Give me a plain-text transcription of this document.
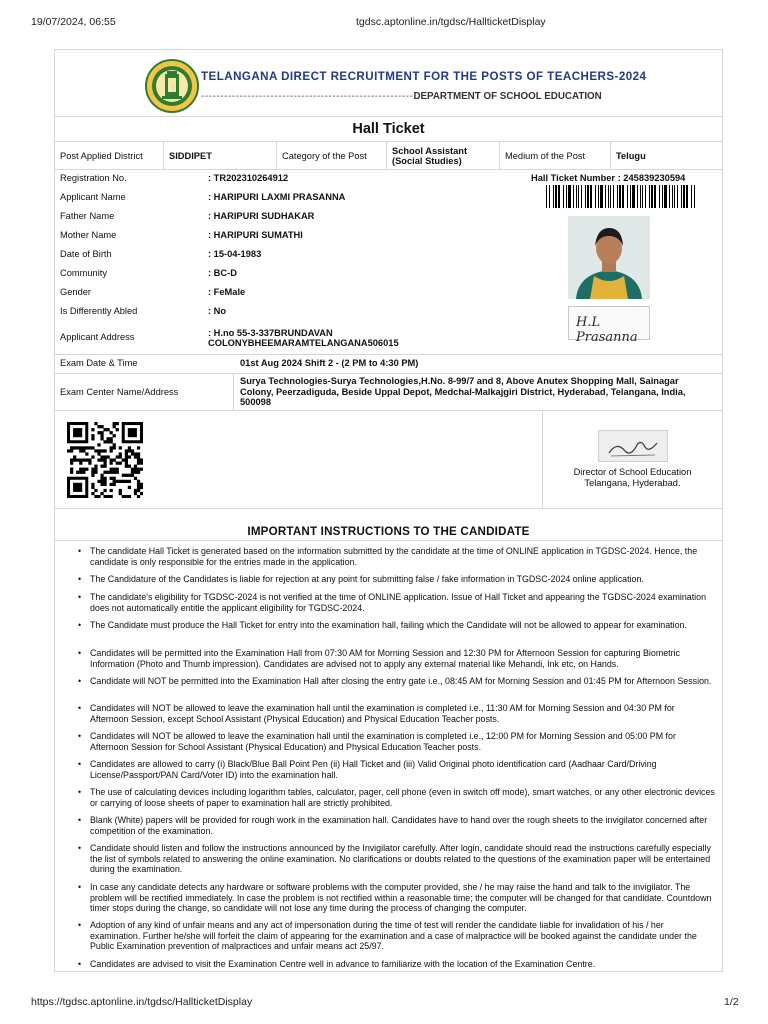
19/07/2024, 06:55	tgdsc.aptonline.in/tgdsc/HallticketDisplay
TELANGANA DIRECT RECRUITMENT FOR THE POSTS OF TEACHERS-2024
-------------------------------------------------------DEPARTMENT OF SCHOOL EDUCATION
Hall Ticket
Post Applied District	SIDDIPET	Category of the Post	School Assistant (Social Studies)	Medium of the Post	Telugu
Registration No.	: TR202310264912
Applicant Name	: HARIPURI LAXMI PRASANNA
Father Name	: HARIPURI SUDHAKAR
Mother Name	: HARIPURI SUMATHI
Date of Birth	: 15-04-1983
Community	: BC-D
Gender	: FeMale
Is Differently Abled	: No
Applicant Address	: H.no 55-3-337BRUNDAVAN COLONYBHEEMARAMTELANGANA506015
Hall Ticket Number : 245839230594
H.L Prasanna
Exam Date & Time	01st Aug 2024 Shift 2 - (2 PM to 4:30 PM)
Exam Center Name/Address
Surya Technologies-Surya Technologies,H.No. 8-99/7 and 8, Above Anutex Shopping Mall, Sainagar Colony, Peerzadiguda, Beside Uppal Depot, Medchal-Malkajgiri District, Hyderabad, Telangana, India, 500098
Director of School Education
Telangana, Hyderabad.
IMPORTANT INSTRUCTIONS TO THE CANDIDATE
• The candidate Hall Ticket is generated based on the information submitted by the candidate at the time of ONLINE application in TGDSC-2024. Hence, the candidate is only responsible for the entries made in the application.
• The Candidature of the Candidates is liable for rejection at any point for submitting false / fake information in TGDSC-2024 online application.
• The candidate's eligibility for TGDSC-2024 is not verified at the time of ONLINE application. Issue of Hall Ticket and appearing the TGDSC-2024 examination does not automatically entitle the applicant eligibility for TGDSC-2024.
• The Candidate must produce the Hall Ticket for entry into the examination hall, failing which the Candidate will not be allowed to appear for examination.
• Candidates will be permitted into the Examination Hall from 07:30 AM for Morning Session and 12:30 PM for Afternoon Session for capturing Biometric Information (Photo and Thumb impression). Candidates are advised not to apply any external material like Mehandi, Ink etc, on Hands.
• Candidate will NOT be permitted into the Examination Hall after closing the entry gate i.e., 08:45 AM for Morning Session and 01:45 PM for Afternoon Session.
• Candidates will NOT be allowed to leave the examination hall until the examination is completed i.e., 11:30 AM for Morning Session and 04:30 PM for Afternoon Session, except School Assistant (Physical Education) and Physical Education Teacher posts.
• Candidates will NOT be allowed to leave the examination hall until the examination is completed i.e., 12:00 PM for Morning Session and 05:00 PM for Afternoon Session for School Assistant (Physical Education) and Physical Education Teacher posts.
• Candidates are allowed to carry (i) Black/Blue Ball Point Pen (ii) Hall Ticket and (iii) Valid Original photo identification card (Aadhaar Card/Driving License/Passport/PAN Card/Voter ID) into the examination hall.
• The use of calculating devices including logarithm tables, calculator, pager, cell phone (even in switch off mode), smart watches, or any other electronic devices or carrying of loose sheets of paper to examination hall are strictly prohibited.
• Blank (White) papers will be provided for rough work in the examination hall. Candidates have to hand over the rough sheets to the invigilator concerned after competition of the examination.
• Candidate should listen and follow the instructions announced by the Invigilator carefully. After login, candidate should read the instructions carefully especially the list of symbols related to answering the online examination. No clarifications or doubts related to the questions of the examination paper will be entertained during the examination.
• In case any candidate detects any hardware or software problems with the computer provided, she / he may raise the hand and talk to the invigilator. The problem will be rectified immediately. In case the problem is not rectified within a reasonable time; the computer will be changed for that candidate. Countdown timer stops during the change, so candidate will not lose any time during the process of changing the computer.
• Adoption of any kind of unfair means and any act of impersonation during the time of test will render the candidate liable for invalidation of his / her examination. Further he/she will forfeit the claim of appearing for the examination and a case of malpractice will be booked against the candidate under the Public Examination prevention of malpractices and unfair means act 25/97.
• Candidates are advised to visit the Examination Centre well in advance to familiarize with the location of the Examination Centre.
https://tgdsc.aptonline.in/tgdsc/HallticketDisplay	1/2
